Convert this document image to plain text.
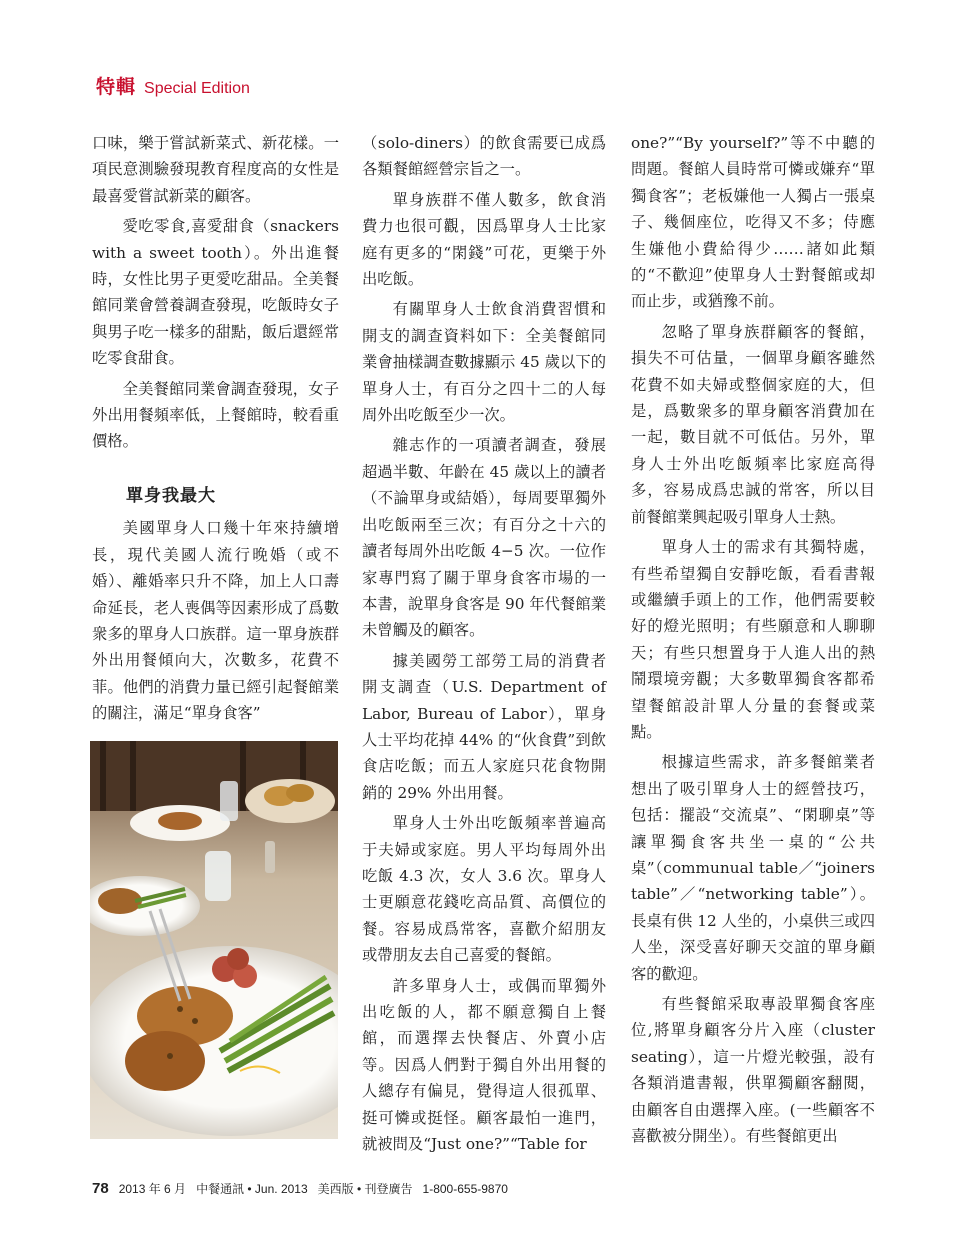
特輯 Special Edition

口味，樂于嘗試新菜式、新花樣。一項民意測驗發現教育程度高的女性是最喜愛嘗試新菜的顧客。

愛吃零食,喜愛甜食（snackers with a sweet tooth）。外出進餐時，女性比男子更愛吃甜品。全美餐館同業會營養調查發現，吃飯時女子與男子吃一樣多的甜點，飯后還經常吃零食甜食。

全美餐館同業會調查發現，女子外出用餐頻率低，上餐館時，較看重價格。

單身我最大

美國單身人口幾十年來持續增長，現代美國人流行晚婚（或不婚）、離婚率只升不降，加上人口壽命延長，老人喪偶等因素形成了爲數衆多的單身人口族群。這一單身族群外出用餐傾向大，次數多，花費不菲。他們的消費力量已經引起餐館業的關注，滿足“單身食客”

（solo-diners）的飲食需要已成爲各類餐館經營宗旨之一。

單身族群不僅人數多，飲食消費力也很可觀，因爲單身人士比家庭有更多的“閑錢”可花，更樂于外出吃飯。

有關單身人士飲食消費習慣和開支的調查資料如下：全美餐館同業會抽樣調查數據顯示 45 歲以下的單身人士，有百分之四十二的人每周外出吃飯至少一次。

雜志作的一項讀者調查，發展超過半數、年齡在 45 歲以上的讀者（不論單身或結婚），每周要單獨外出吃飯兩至三次；有百分之十六的讀者每周外出吃飯 4−5 次。一位作家專門寫了關于單身食客市場的一本書，說單身食客是 90 年代餐館業未曾觸及的顧客。

據美國勞工部勞工局的消費者開支調查（U.S. Department of Labor, Bureau of Labor），單身人士平均花掉 44% 的“伙食費”到飲食店吃飯；而五人家庭只花食物開銷的 29% 外出用餐。

單身人士外出吃飯頻率普遍高于夫婦或家庭。男人平均每周外出吃飯 4.3 次，女人 3.6 次。單身人士更願意花錢吃高品質、高價位的餐。容易成爲常客，喜歡介紹朋友或帶朋友去自己喜愛的餐館。

許多單身人士，或偶而單獨外出吃飯的人，都不願意獨自上餐館，而選擇去快餐店、外賣小店等。因爲人們對于獨自外出用餐的人總存有偏見，覺得這人很孤單、挺可憐或挺怪。顧客最怕一進門，就被問及“Just one?”“Table for

one?”“By yourself?”等不中聽的問題。餐館人員時常可憐或嫌弃“單獨食客”；老板嫌他一人獨占一張桌子、幾個座位，吃得又不多；侍應生嫌他小費給得少……諸如此類的“不歡迎”使單身人士對餐館或却而止步，或猶豫不前。

忽略了單身族群顧客的餐館，損失不可估量，一個單身顧客雖然花費不如夫婦或整個家庭的大，但是，爲數衆多的單身顧客消費加在一起，數目就不可低估。另外，單身人士外出吃飯頻率比家庭高得多，容易成爲忠誠的常客，所以目前餐館業興起吸引單身人士熱。

單身人士的需求有其獨特處，有些希望獨自安靜吃飯，看看書報或繼續手頭上的工作，他們需要較好的燈光照明；有些願意和人聊聊天；有些只想置身于人進人出的熱鬧環境旁觀；大多數單獨食客都希望餐館設計單人分量的套餐或菜點。

根據這些需求，許多餐館業者想出了吸引單身人士的經營技巧，包括：擺設“交流桌”、“閑聊桌”等讓單獨食客共坐一桌的“公共桌”（communual table／“joiners table”／“networking table”）。長桌有供 12 人坐的，小桌供三或四人坐，深受喜好聊天交誼的單身顧客的歡迎。

有些餐館采取專設單獨食客座位,將單身顧客分片入座（cluster seating），這一片燈光較强，設有各類消遣書報，供單獨顧客翻閱，由顧客自由選擇入座。(一些顧客不喜歡被分開坐）。有些餐館更出

78 2013 年 6 月 中餐通訊 • Jun. 2013 美西版 • 刊登廣告 1-800-655-9870
